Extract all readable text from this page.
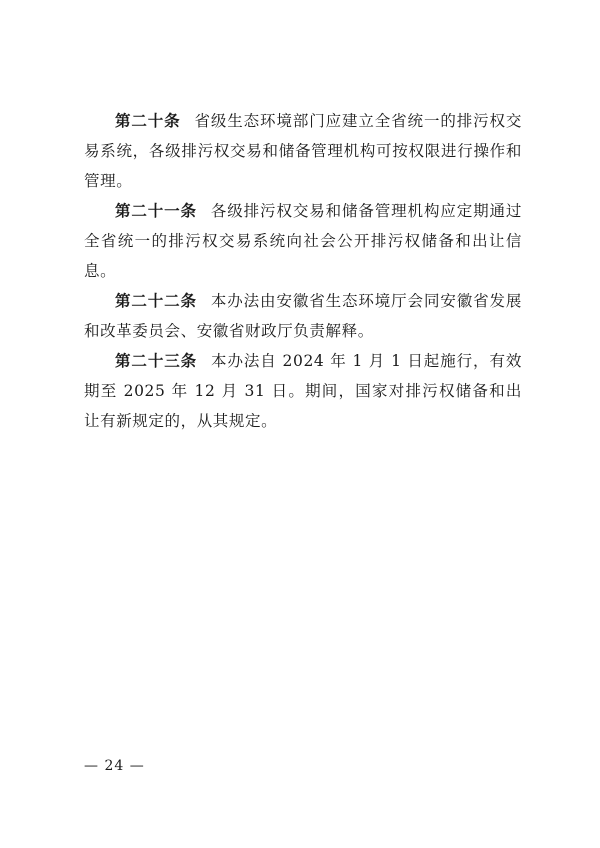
第二十条 省级生态环境部门应建立全省统一的排污权交易系统，各级排污权交易和储备管理机构可按权限进行操作和管理。

第二十一条 各级排污权交易和储备管理机构应定期通过全省统一的排污权交易系统向社会公开排污权储备和出让信息。

第二十二条 本办法由安徽省生态环境厅会同安徽省发展和改革委员会、安徽省财政厅负责解释。

第二十三条 本办法自 2024 年 1 月 1 日起施行，有效期至 2025 年 12 月 31 日。期间，国家对排污权储备和出让有新规定的，从其规定。

— 24 —
